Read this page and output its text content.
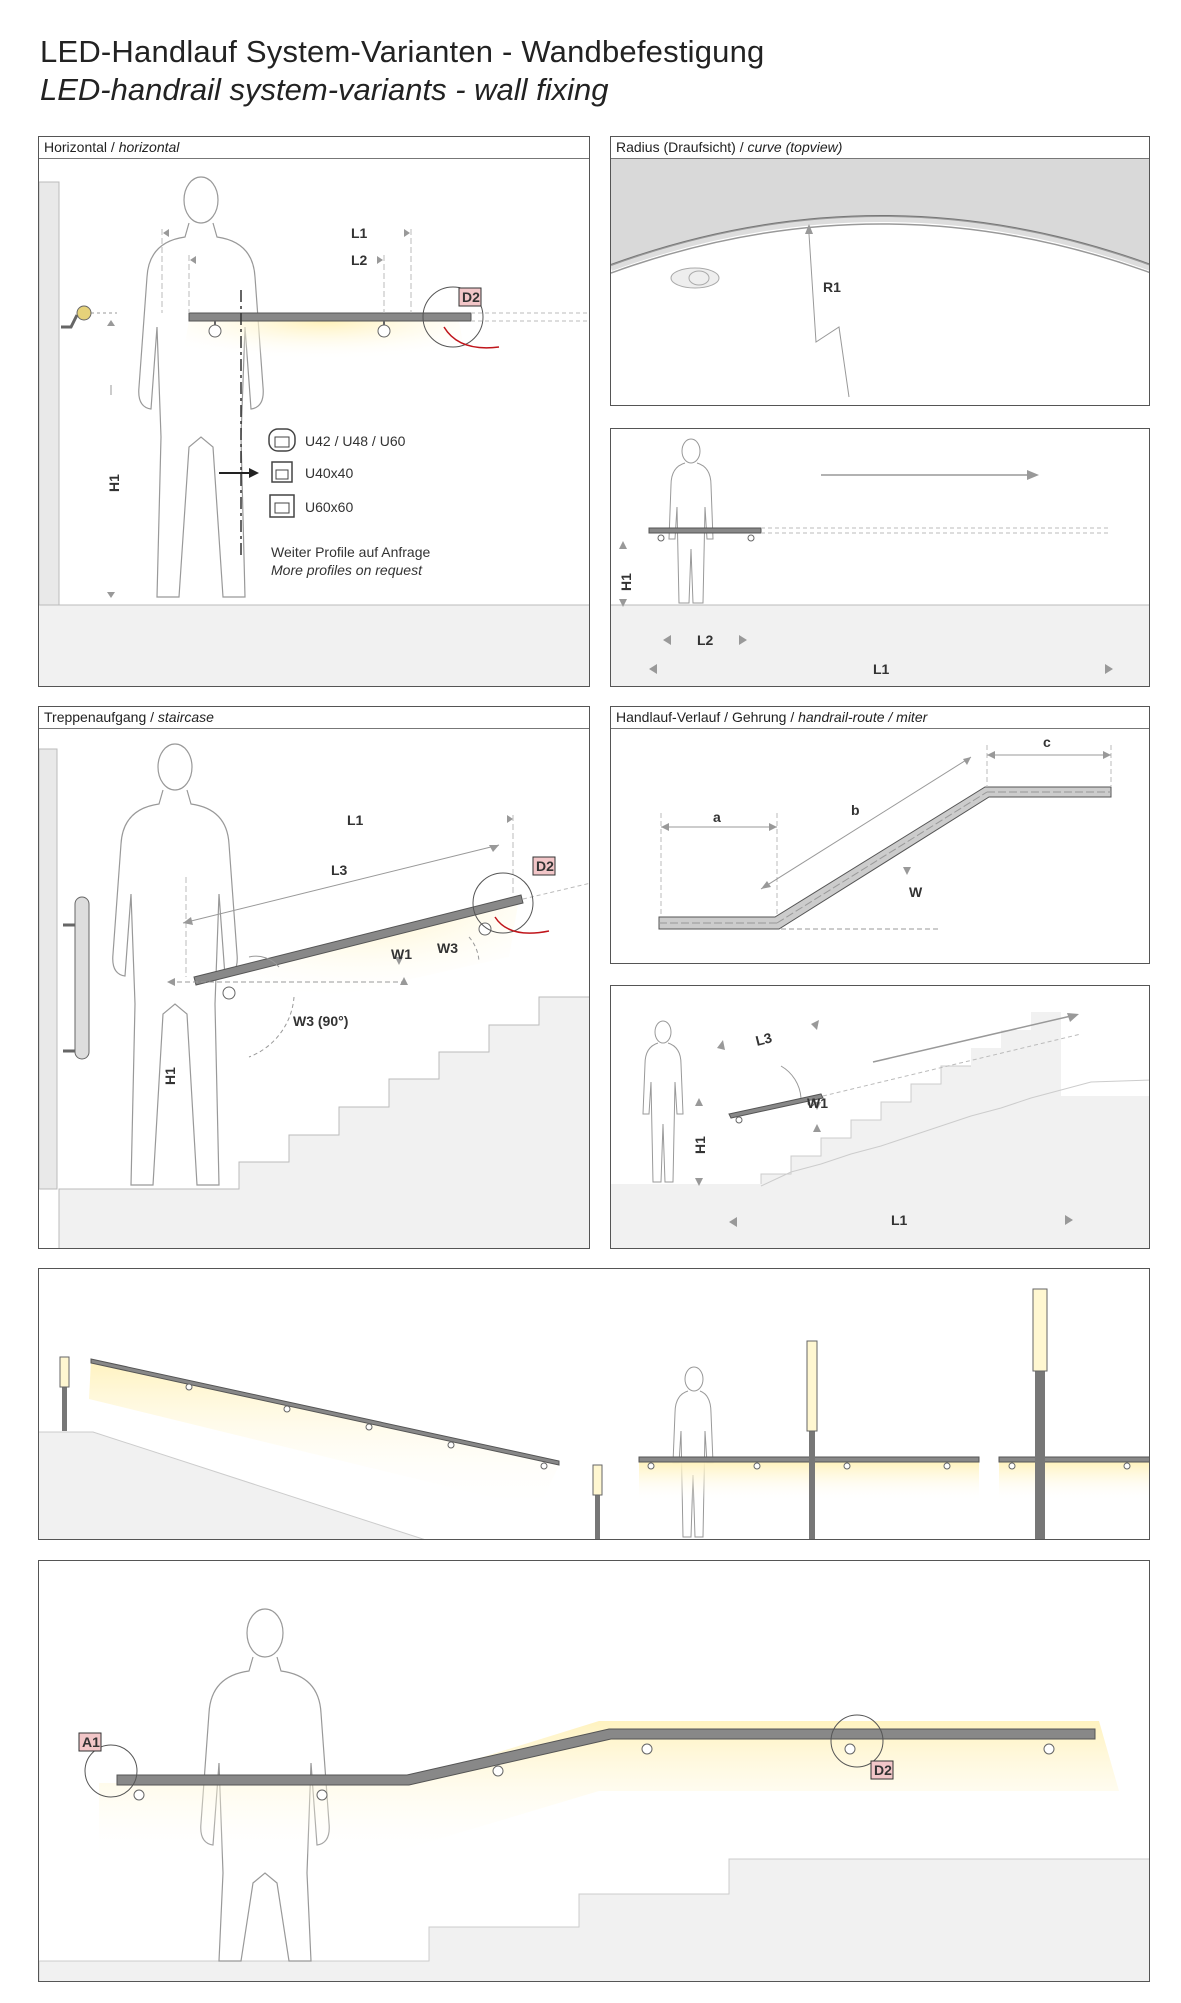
LED-Handlauf System-Varianten - Wandbefestigung
LED-handrail system-variants - wall fixing
Horizontal / horizontal
H1
L1
L2
D2
U42 / U48 / U60
U40x40
U60x60
Weiter Profile auf Anfrage
More profiles on request
Radius (Draufsicht) / curve (topview)
R1
H1
L2
L1
Treppenaufgang / staircase
H1
L1
L3
W1 W3
W3 (90°)
D2
Handlauf-Verlauf / Gehrung / handrail-route / miter
a	b
c
W
H1
L3
W1
L1
A1
D2
